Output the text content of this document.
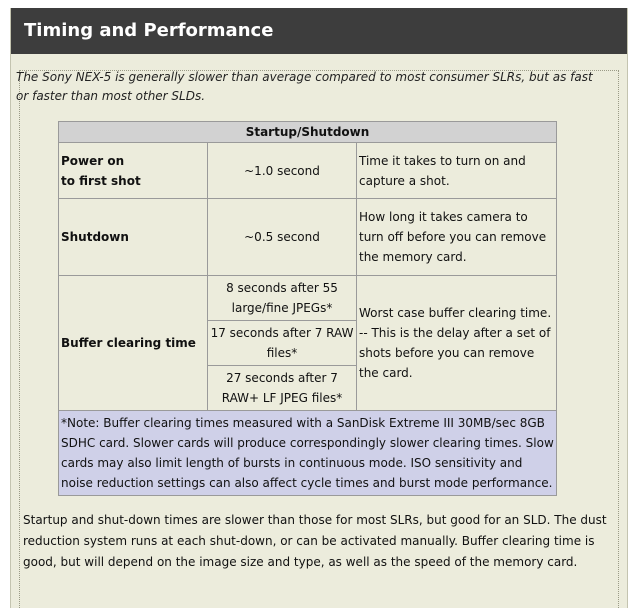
Timing and Performance
The Sony NEX-5 is generally slower than average compared to most consumer SLRs, but as fast or faster than most other SLDs.
Startup/Shutdown		
Power on
to first shot	~1.0 second	Time it takes to turn on and capture a shot.
Shutdown	~0.5 second	How long it takes camera to turn off before you can remove the memory card.
Buffer clearing time	8 seconds after 55 large/fine JPEGs*	Worst case buffer clearing time. -- This is the delay after a set of shots before you can remove the card.
	17 seconds after 7 RAW files*	
	27 seconds after 7 RAW+ LF JPEG files*	
*Note: Buffer clearing times measured with a SanDisk Extreme III 30MB/sec 8GB SDHC card. Slower cards will produce correspondingly slower clearing times. Slow cards may also limit length of bursts in continuous mode. ISO sensitivity and noise reduction settings can also affect cycle times and burst mode performance.		
Startup and shut-down times are slower than those for most SLRs, but good for an SLD. The dust reduction system runs at each shut-down, or can be activated manually. Buffer clearing time is good, but will depend on the image size and type, as well as the speed of the memory card.
